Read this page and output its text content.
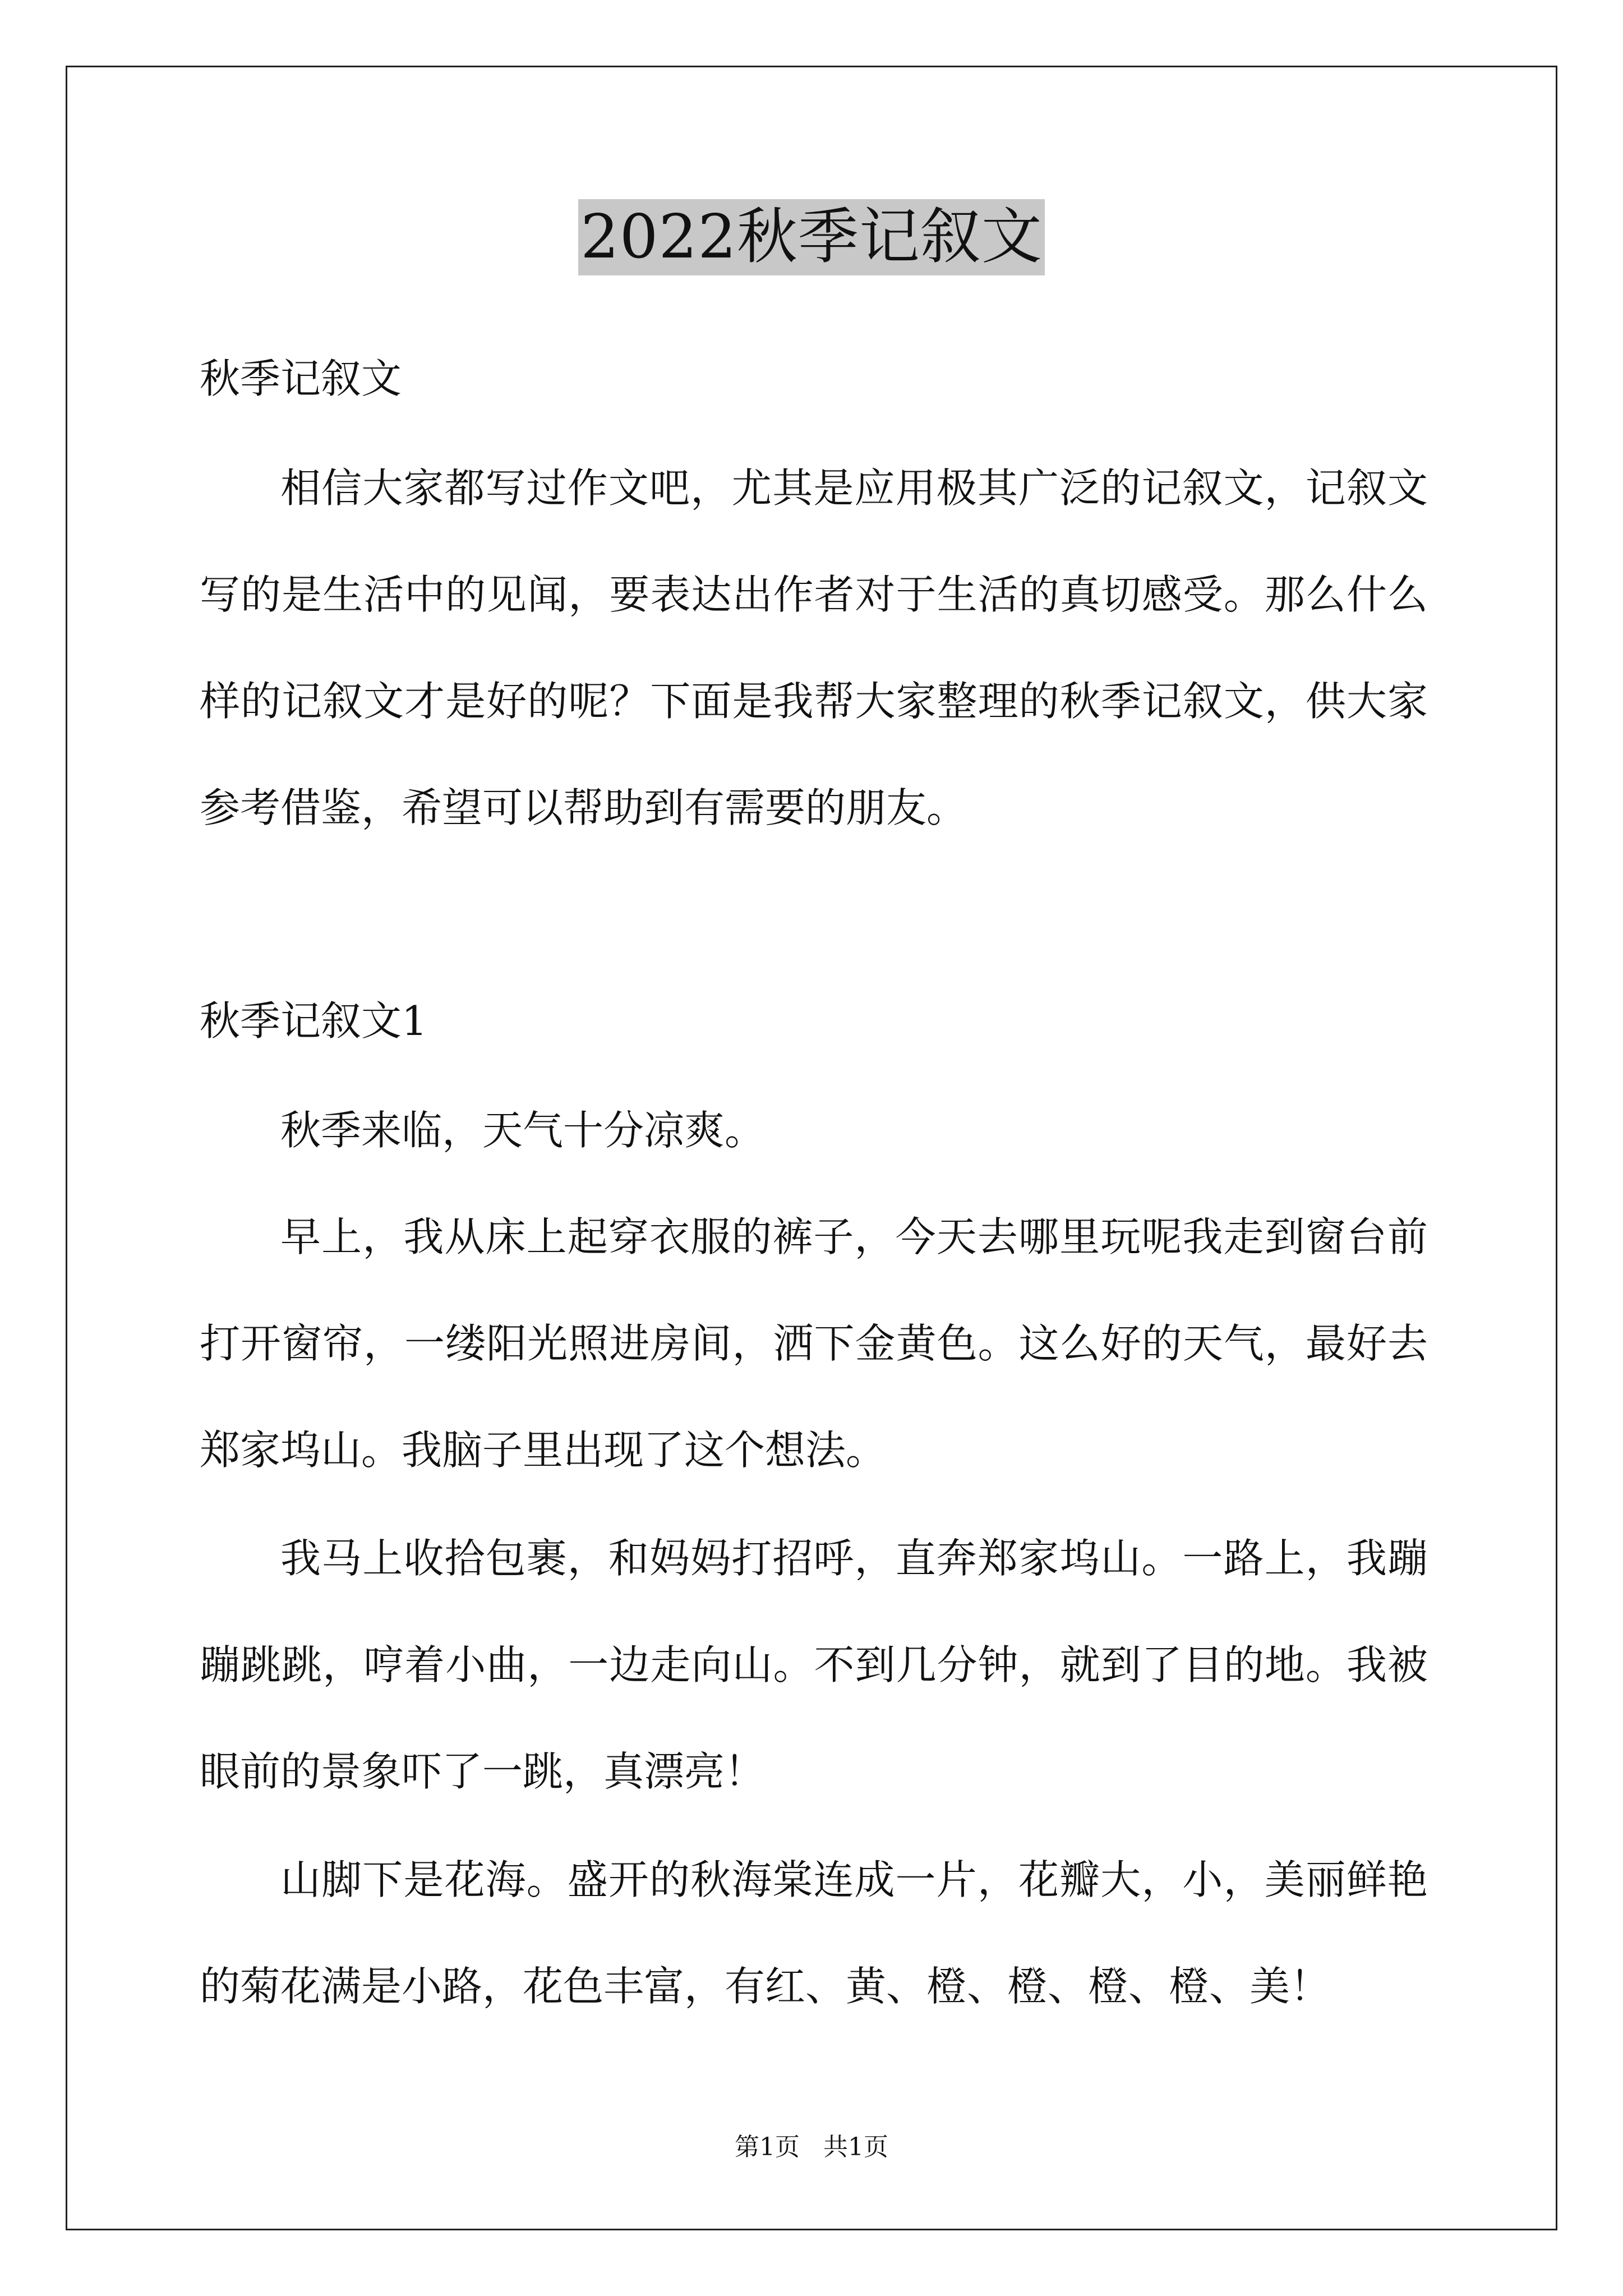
2022秋季记叙文
秋季记叙文
相信大家都写过作文吧，尤其是应用极其广泛的记叙文，记叙文写的是生活中的见闻，要表达出作者对于生活的真切感受。那么什么样的记叙文才是好的呢？下面是我帮大家整理的秋季记叙文，供大家参考借鉴，希望可以帮助到有需要的朋友。
秋季记叙文1
秋季来临，天气十分凉爽。
早上，我从床上起穿衣服的裤子，今天去哪里玩呢我走到窗台前打开窗帘，一缕阳光照进房间，洒下金黄色。这么好的天气，最好去郑家坞山。我脑子里出现了这个想法。
我马上收拾包裹，和妈妈打招呼，直奔郑家坞山。一路上，我蹦蹦跳跳，哼着小曲，一边走向山。不到几分钟，就到了目的地。我被眼前的景象吓了一跳，真漂亮！
山脚下是花海。盛开的秋海棠连成一片，花瓣大，小，美丽鲜艳的菊花满是小路，花色丰富，有红、黄、橙、橙、橙、橙、美！
第1页 共1页
